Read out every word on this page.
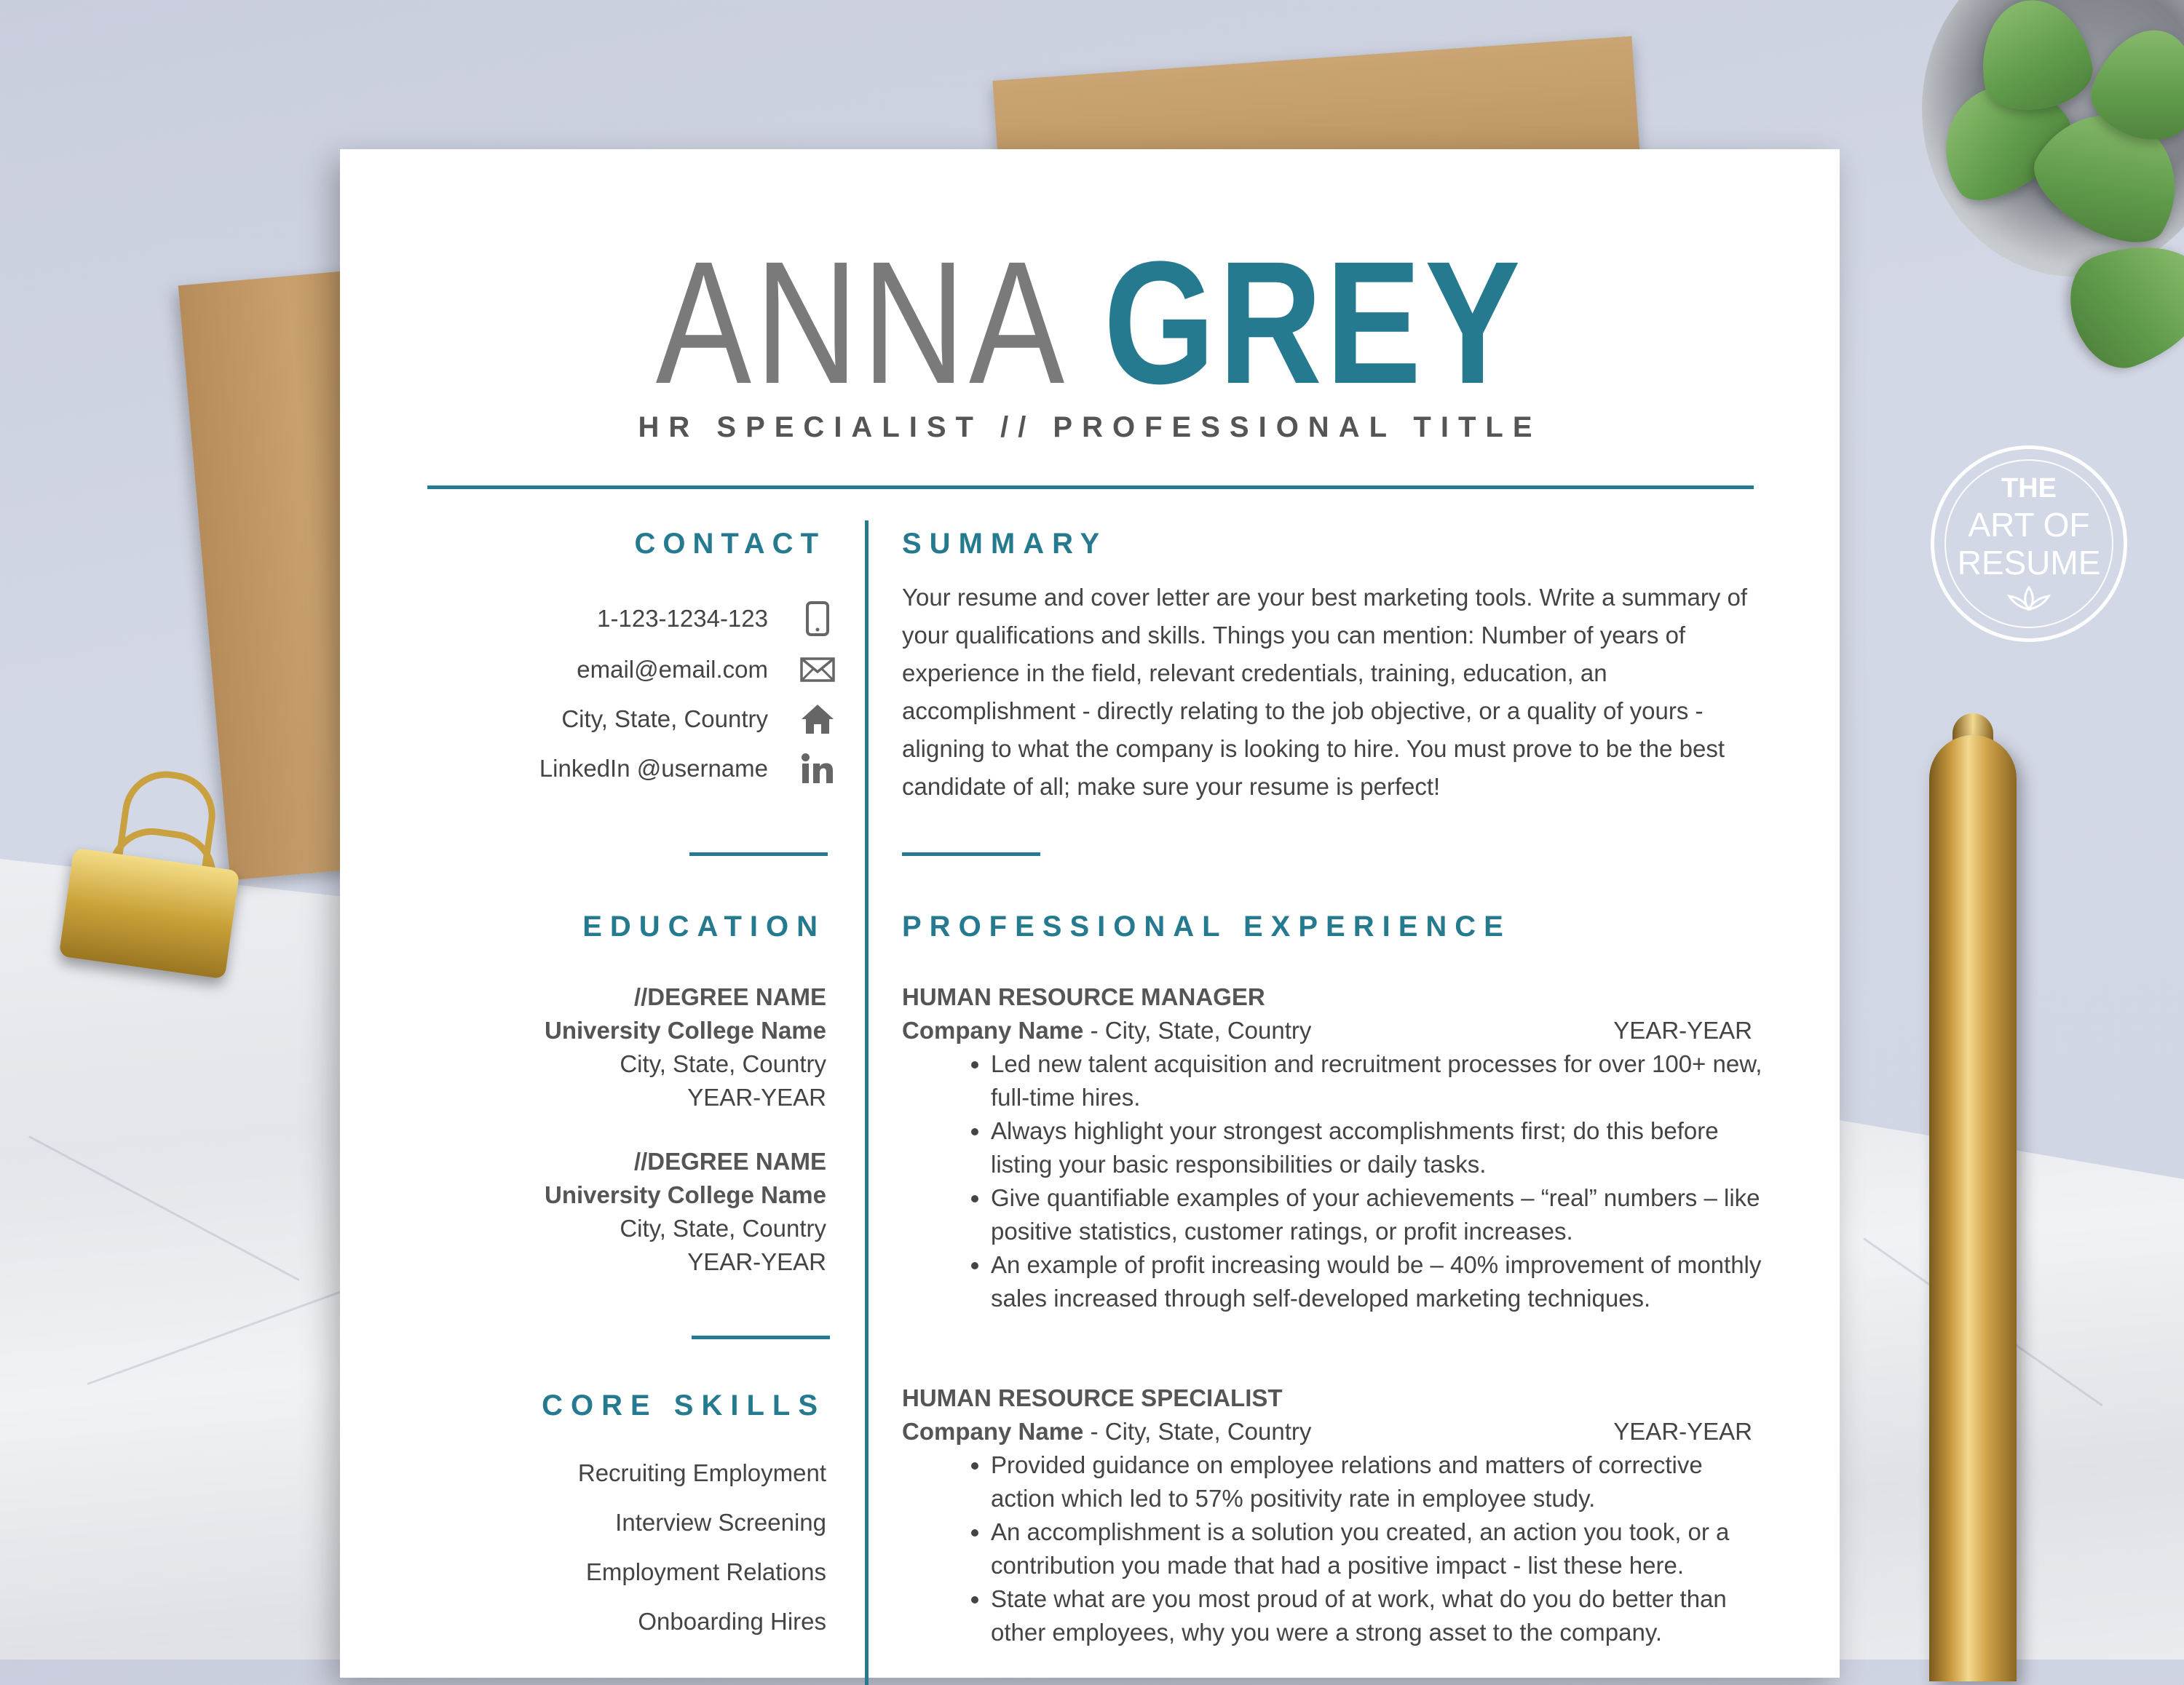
THE
ART OF
RESUME
ANNA GREY
HR SPECIALIST // PROFESSIONAL TITLE
CONTACT
1-123-1234-123
email@email.com
City, State, Country
LinkedIn @username
EDUCATION
//DEGREE NAME
University College Name
City, State, Country
YEAR-YEAR
//DEGREE NAME
University College Name
City, State, Country
YEAR-YEAR
CORE SKILLS
Recruiting Employment
Interview Screening
Employment Relations
Onboarding Hires
SUMMARY
Your resume and cover letter are your best marketing tools. Write a summary of your qualifications and skills. Things you can mention: Number of years of experience in the field, relevant credentials, training, education, an accomplishment - directly relating to the job objective, or a quality of yours - aligning to what the company is looking to hire. You must prove to be the best candidate of all; make sure your resume is perfect!
PROFESSIONAL EXPERIENCE
HUMAN RESOURCE MANAGER
Company Name - City, State, Country	YEAR-YEAR
• Led new talent acquisition and recruitment processes for over 100+ new, full-time hires.
• Always highlight your strongest accomplishments first; do this before listing your basic responsibilities or daily tasks.
• Give quantifiable examples of your achievements – “real” numbers – like positive statistics, customer ratings, or profit increases.
• An example of profit increasing would be – 40% improvement of monthly sales increased through self-developed marketing techniques.
HUMAN RESOURCE SPECIALIST
Company Name - City, State, Country	YEAR-YEAR
• Provided guidance on employee relations and matters of corrective action which led to 57% positivity rate in employee study.
• An accomplishment is a solution you created, an action you took, or a contribution you made that had a positive impact - list these here.
• State what are you most proud of at work, what do you do better than other employees, why you were a strong asset to the company.
